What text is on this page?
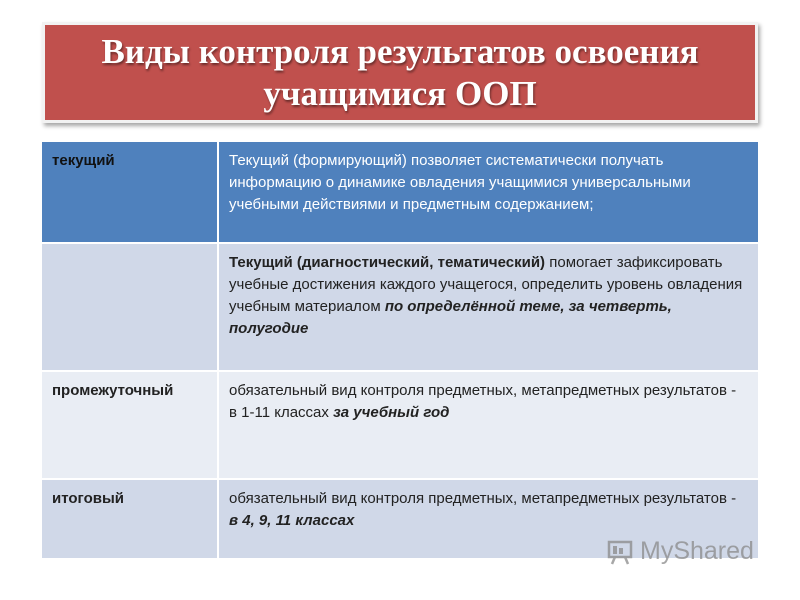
Виды контроля результатов освоения
учащимися ООП
текущий	Текущий (формирующий) позволяет систематически получать информацию о динамике овладения учащимися универсальными учебными действиями и предметным содержанием;
	Текущий (диагностический, тематический) помогает зафиксировать учебные достижения каждого учащегося, определить уровень овладения учебным материалом по определённой теме, за четверть, полугодие
промежуточный	обязательный вид контроля предметных, метапредметных результатов - в 1-11 классах за учебный год
итоговый	обязательный вид контроля предметных, метапредметных результатов - в 4, 9, 11 классах
MyShared
